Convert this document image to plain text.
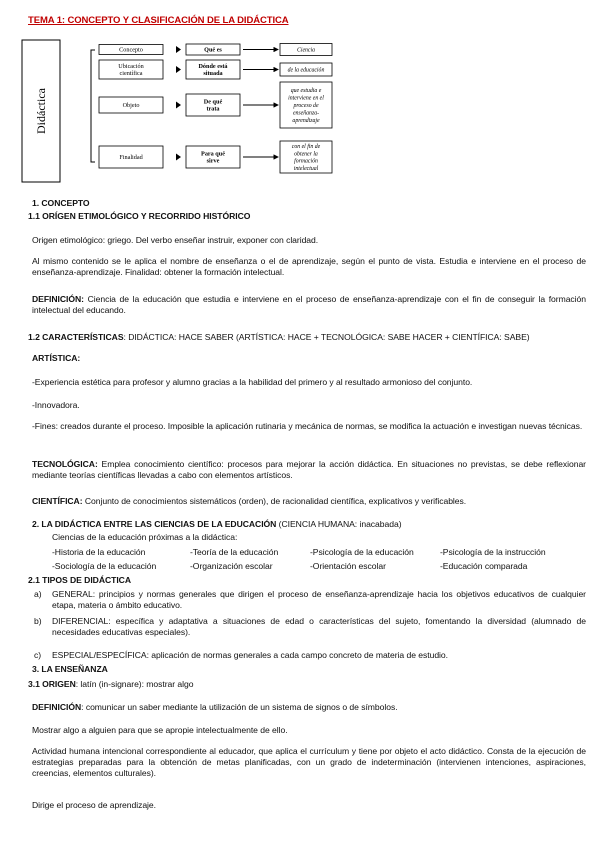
TEMA 1: CONCEPTO Y CLASIFICACIÓN DE LA DIDÁCTICA
Didáctica
Concepto	Qué es	Ciencia
Ubicación
científica
Dónde está
situada	de la educación
Objeto	De qué
trata
que estudia e
interviene en el
proceso de
enseñanza-
aprendizaje
Finalidad	Para qué
sirve
con el fin de
obtener la
formación
intelectual
1. CONCEPTO
1.1 ORÍGEN ETIMOLÓGICO Y RECORRIDO HISTÓRICO
Origen etimológico: griego. Del verbo enseñar instruir, exponer con claridad.
Al mismo contenido se le aplica el nombre de enseñanza o el de aprendizaje, según el punto de vista. Estudia e interviene en el proceso de enseñanza-aprendizaje. Finalidad: obtener la formación intelectual.
DEFINICIÓN: Ciencia de la educación que estudia e interviene en el proceso de enseñanza-aprendizaje con el fin de conseguir la formación intelectual del educando.
1.2 CARACTERÍSTICAS: DIDÁCTICA: HACE SABER (ARTÍSTICA: HACE + TECNOLÓGICA: SABE HACER + CIENTÍFICA: SABE)
ARTÍSTICA:
-Experiencia estética para profesor y alumno gracias a la habilidad del primero y al resultado armonioso del conjunto.
-Innovadora.
-Fines: creados durante el proceso. Imposible la aplicación rutinaria y mecánica de normas, se modifica la actuación e investigan nuevas técnicas.
TECNOLÓGICA: Emplea conocimiento científico: procesos para mejorar la acción didáctica. En situaciones no previstas, se debe reflexionar mediante teorías científicas llevadas a cabo con elementos artísticos.
CIENTÍFICA: Conjunto de conocimientos sistemáticos (orden), de racionalidad científica, explicativos y verificables.
2. LA DIDÁCTICA ENTRE LAS CIENCIAS DE LA EDUCACIÓN (CIENCIA HUMANA: inacabada)
Ciencias de la educación próximas a la didáctica:
-Historia de la educación	-Teoría de la educación	-Psicología de la educación	-Psicología de la instrucción
-Sociología de la educación	-Organización escolar	-Orientación escolar	-Educación comparada
2.1 TIPOS DE DIDÁCTICA
a) GENERAL: principios y normas generales que dirigen el proceso de enseñanza-aprendizaje hacia los objetivos educativos de cualquier etapa, materia o ámbito educativo.
b) DIFERENCIAL: específica y adaptativa a situaciones de edad o características del sujeto, fomentando la diversidad (alumnado de necesidades educativas especiales).
c) ESPECIAL/ESPECÍFICA: aplicación de normas generales a cada campo concreto de materia de estudio.
3. LA ENSEÑANZA
3.1 ORIGEN: latín (in-signare): mostrar algo
DEFINICIÓN: comunicar un saber mediante la utilización de un sistema de signos o de símbolos.
Mostrar algo a alguien para que se apropie intelectualmente de ello.
Actividad humana intencional correspondiente al educador, que aplica el currículum y tiene por objeto el acto didáctico. Consta de la ejecución de estrategias preparadas para la obtención de metas planificadas, con un grado de indeterminación (intervienen intenciones, aspiraciones, creencias, elementos culturales).
Dirige el proceso de aprendizaje.
